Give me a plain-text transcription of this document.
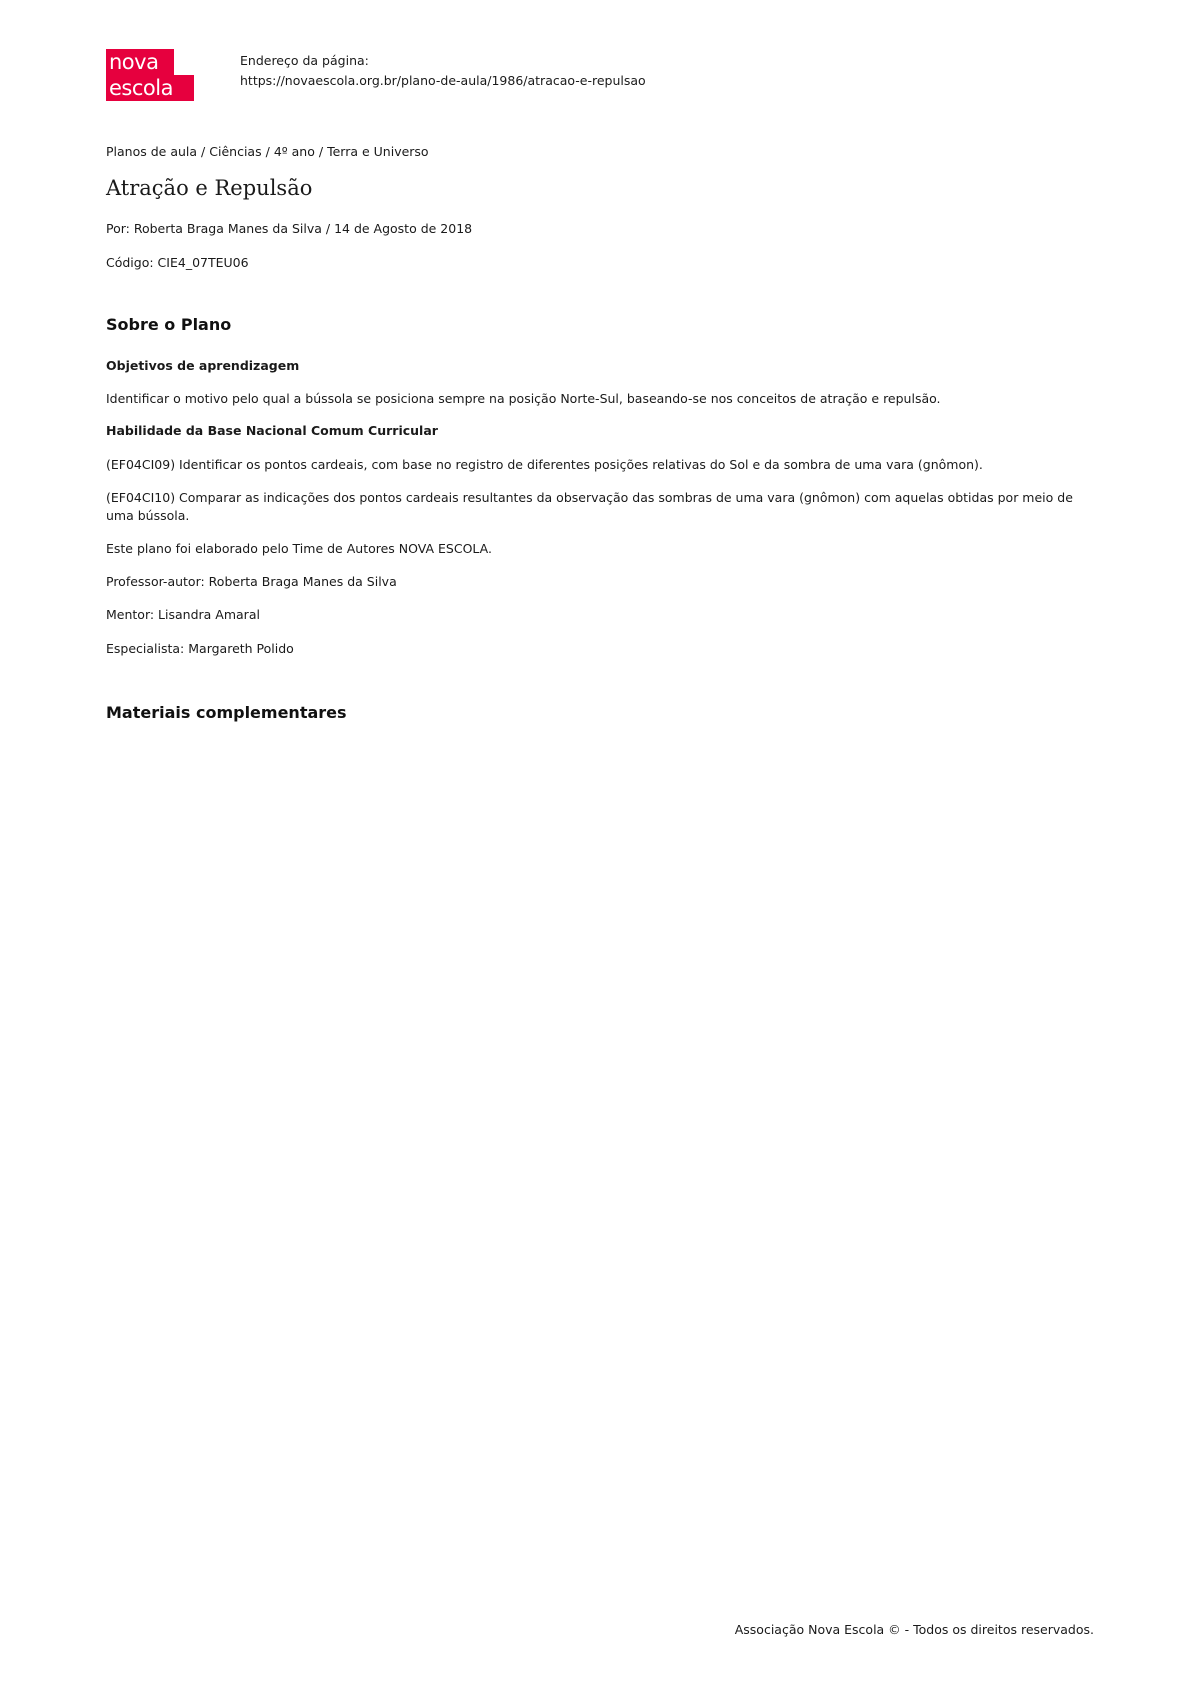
nova
escola
Endereço da página:
https://novaescola.org.br/plano-de-aula/1986/atracao-e-repulsao
Planos de aula / Ciências / 4º ano / Terra e Universo
Atração e Repulsão
Por: Roberta Braga Manes da Silva / 14 de Agosto de 2018
Código: CIE4_07TEU06
Sobre o Plano

Objetivos de aprendizagem

Identificar o motivo pelo qual a bússola se posiciona sempre na posição Norte-Sul, baseando-se nos conceitos de atração e repulsão.

Habilidade da Base Nacional Comum Curricular

(EF04CI09) Identificar os pontos cardeais, com base no registro de diferentes posições relativas do Sol e da sombra de uma vara (gnômon).

(EF04CI10) Comparar as indicações dos pontos cardeais resultantes da observação das sombras de uma vara (gnômon) com aquelas obtidas por meio de uma bússola.

Este plano foi elaborado pelo Time de Autores NOVA ESCOLA.

Professor-autor: Roberta Braga Manes da Silva

Mentor: Lisandra Amaral

Especialista: Margareth Polido

Materiais complementares
Associação Nova Escola © - Todos os direitos reservados.
